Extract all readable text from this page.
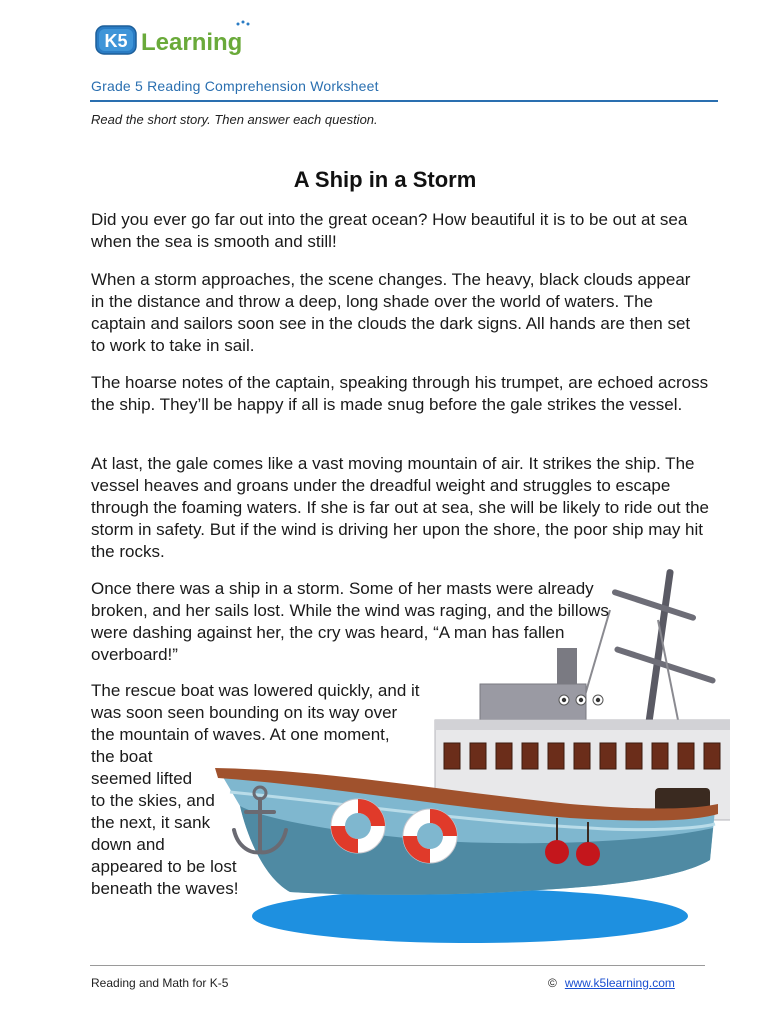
K5 Learning
Grade 5 Reading Comprehension Worksheet
Read the short story. Then answer each question.
A Ship in a Storm

Did you ever go far out into the great ocean? How beautiful it is to be out at sea when the sea is smooth and still!

When a storm approaches, the scene changes. The heavy, black clouds appear in the distance and throw a deep, long shade over the world of waters. The captain and sailors soon see in the clouds the dark signs. All hands are then set to work to take in sail.

The hoarse notes of the captain, speaking through his trumpet, are echoed across the ship. They’ll be happy if all is made snug before the gale strikes the vessel.

At last, the gale comes like a vast moving mountain of air. It strikes the ship. The vessel heaves and groans under the dreadful weight and struggles to escape through the foaming waters. If she is far out at sea, she will be likely to ride out the storm in safety. But if the wind is driving her upon the shore, the poor ship may hit the rocks.

Once there was a ship in a storm. Some of her masts were already broken, and her sails lost. While the wind was raging, and the billows were dashing against her, the cry was heard, “A man has fallen overboard!”

The rescue boat was lowered quickly, and it
was soon seen bounding on its way over
the mountain of waves. At one moment,
the boat
seemed lifted
to the skies, and
the next, it sank
down and
appeared to be lost
beneath the waves!
Reading and Math for K-5	© www.k5learning.com
